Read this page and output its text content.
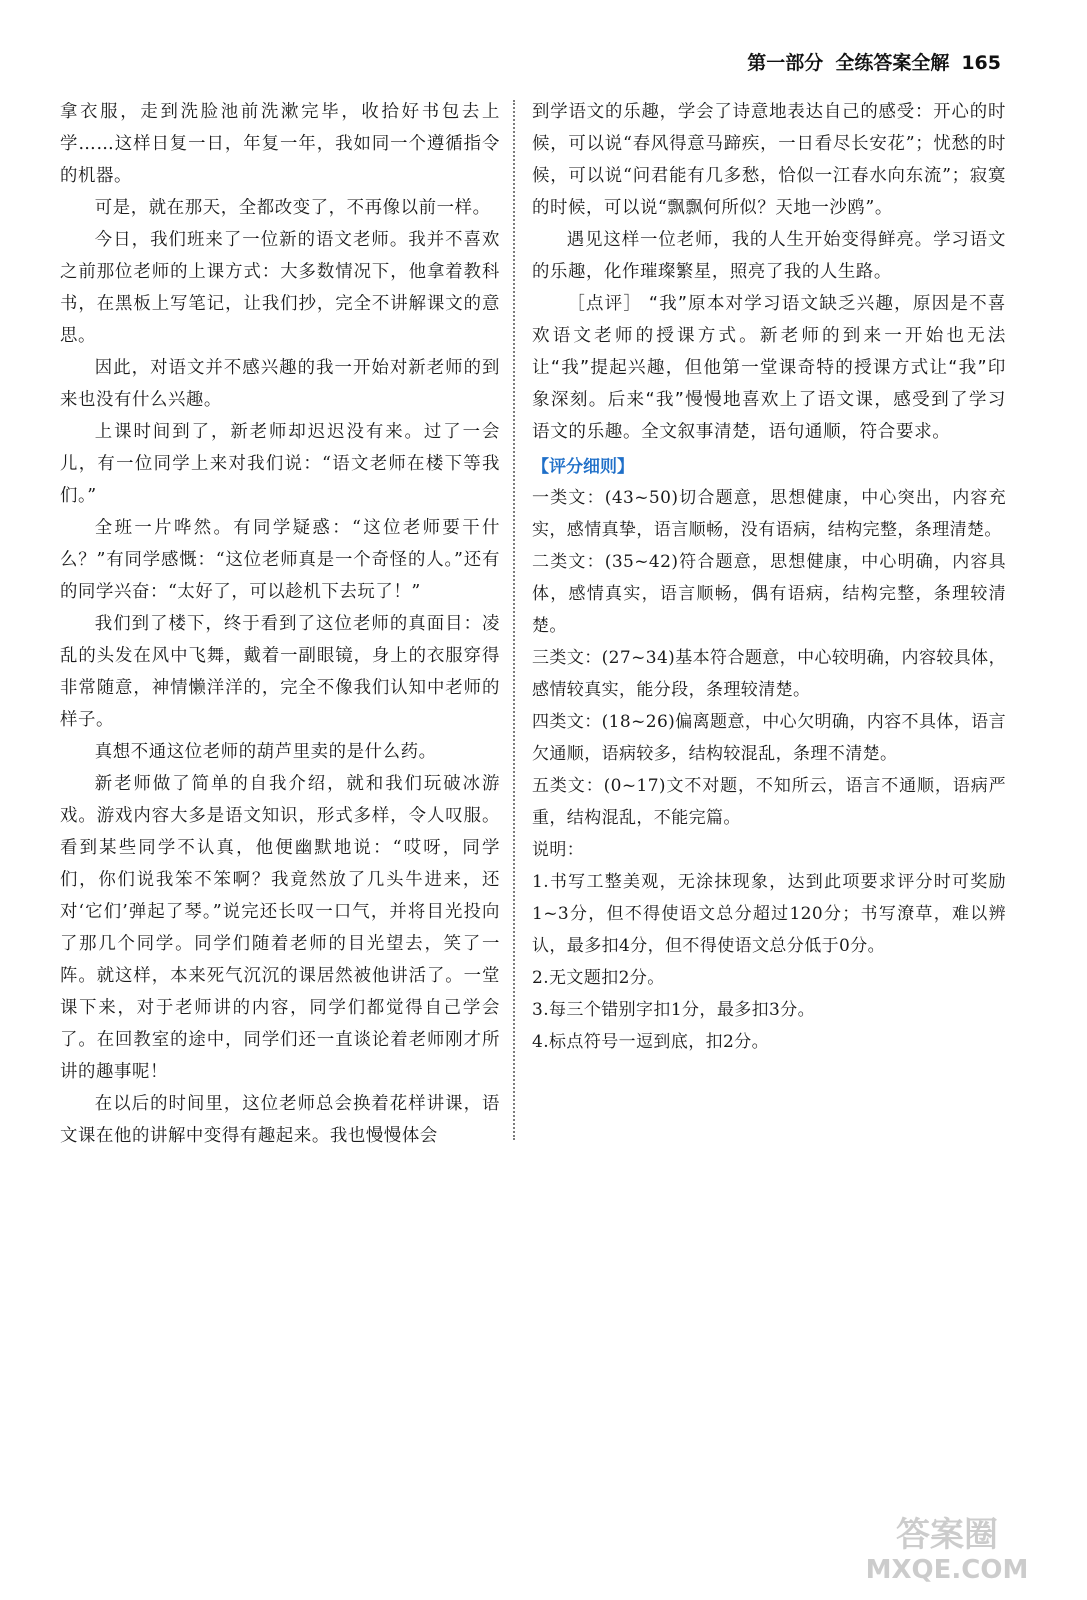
第一部分 全练答案全解 165

拿衣服，走到洗脸池前洗漱完毕，收拾好书包去上学……这样日复一日，年复一年，我如同一个遵循指令的机器。

可是，就在那天，全都改变了，不再像以前一样。

今日，我们班来了一位新的语文老师。我并不喜欢之前那位老师的上课方式：大多数情况下，他拿着教科书，在黑板上写笔记，让我们抄，完全不讲解课文的意思。

因此，对语文并不感兴趣的我一开始对新老师的到来也没有什么兴趣。

上课时间到了，新老师却迟迟没有来。过了一会儿，有一位同学上来对我们说：“语文老师在楼下等我们。”

全班一片哗然。有同学疑惑：“这位老师要干什么？”有同学感慨：“这位老师真是一个奇怪的人。”还有的同学兴奋：“太好了，可以趁机下去玩了！”

我们到了楼下，终于看到了这位老师的真面目：凌乱的头发在风中飞舞，戴着一副眼镜，身上的衣服穿得非常随意，神情懒洋洋的，完全不像我们认知中老师的样子。

真想不通这位老师的葫芦里卖的是什么药。

新老师做了简单的自我介绍，就和我们玩破冰游戏。游戏内容大多是语文知识，形式多样，令人叹服。看到某些同学不认真，他便幽默地说：“哎呀，同学们，你们说我笨不笨啊？我竟然放了几头牛进来，还对‘它们’弹起了琴。”说完还长叹一口气，并将目光投向了那几个同学。同学们随着老师的目光望去，笑了一阵。就这样，本来死气沉沉的课居然被他讲活了。一堂课下来，对于老师讲的内容，同学们都觉得自己学会了。在回教室的途中，同学们还一直谈论着老师刚才所讲的趣事呢！

在以后的时间里，这位老师总会换着花样讲课，语文课在他的讲解中变得有趣起来。我也慢慢体会

到学语文的乐趣，学会了诗意地表达自己的感受：开心的时候，可以说“春风得意马蹄疾，一日看尽长安花”；忧愁的时候，可以说“问君能有几多愁，恰似一江春水向东流”；寂寞的时候，可以说“飘飘何所似？天地一沙鸥”。

遇见这样一位老师，我的人生开始变得鲜亮。学习语文的乐趣，化作璀璨繁星，照亮了我的人生路。

［点评］ “我”原本对学习语文缺乏兴趣，原因是不喜欢语文老师的授课方式。新老师的到来一开始也无法让“我”提起兴趣，但他第一堂课奇特的授课方式让“我”印象深刻。后来“我”慢慢地喜欢上了语文课，感受到了学习语文的乐趣。全文叙事清楚，语句通顺，符合要求。

【评分细则】

一类文：(43~50)切合题意，思想健康，中心突出，内容充实，感情真挚，语言顺畅，没有语病，结构完整，条理清楚。

二类文：(35~42)符合题意，思想健康，中心明确，内容具体，感情真实，语言顺畅，偶有语病，结构完整，条理较清楚。

三类文：(27~34)基本符合题意，中心较明确，内容较具体，感情较真实，能分段，条理较清楚。

四类文：(18~26)偏离题意，中心欠明确，内容不具体，语言欠通顺，语病较多，结构较混乱，条理不清楚。

五类文：(0~17)文不对题，不知所云，语言不通顺，语病严重，结构混乱，不能完篇。

说明：

1.书写工整美观，无涂抹现象，达到此项要求评分时可奖励1~3分，但不得使语文总分超过120分；书写潦草，难以辨认，最多扣4分，但不得使语文总分低于0分。

2.无文题扣2分。

3.每三个错别字扣1分，最多扣3分。

4.标点符号一逗到底，扣2分。

答案圈
MXQE.COM
